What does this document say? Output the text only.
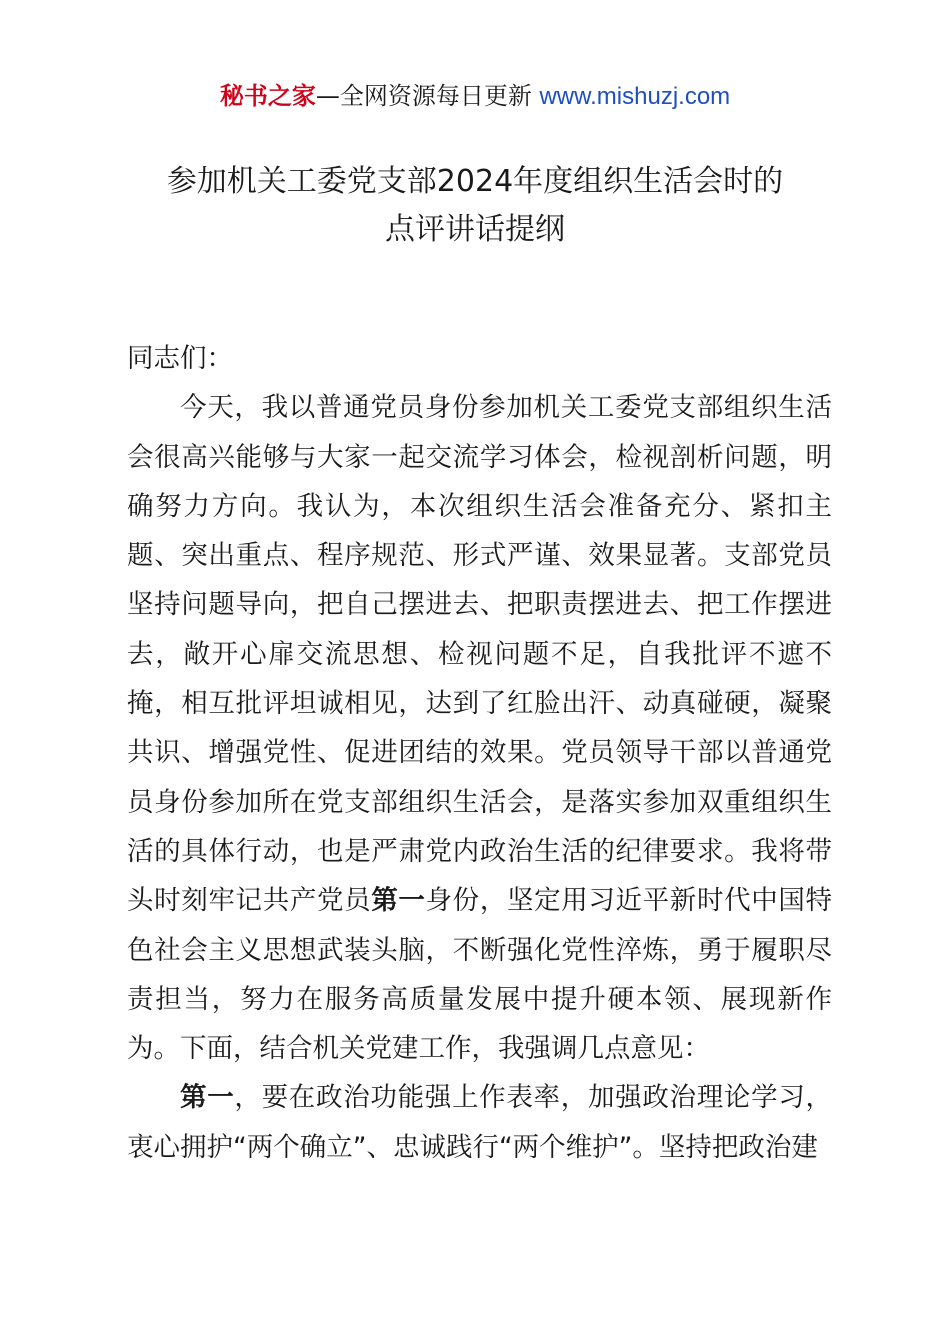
秘书之家—全网资源每日更新 www.mishuzj.com
参加机关工委党支部2024年度组织生活会时的
点评讲话提纲

同志们：

今天，我以普通党员身份参加机关工委党支部组织生活会很高兴能够与大家一起交流学习体会，检视剖析问题，明确努力方向。我认为，本次组织生活会准备充分、紧扣主题、突出重点、程序规范、形式严谨、效果显著。支部党员坚持问题导向，把自己摆进去、把职责摆进去、把工作摆进去，敞开心扉交流思想、检视问题不足，自我批评不遮不掩，相互批评坦诚相见，达到了红脸出汗、动真碰硬，凝聚共识、增强党性、促进团结的效果。党员领导干部以普通党员身份参加所在党支部组织生活会，是落实参加双重组织生活的具体行动，也是严肃党内政治生活的纪律要求。我将带头时刻牢记共产党员第一身份，坚定用习近平新时代中国特色社会主义思想武装头脑，不断强化党性淬炼，勇于履职尽责担当，努力在服务高质量发展中提升硬本领、展现新作为。下面，结合机关党建工作，我强调几点意见：

第一，要在政治功能强上作表率，加强政治理论学习，衷心拥护“两个确立”、忠诚践行“两个维护”。坚持把政治建
